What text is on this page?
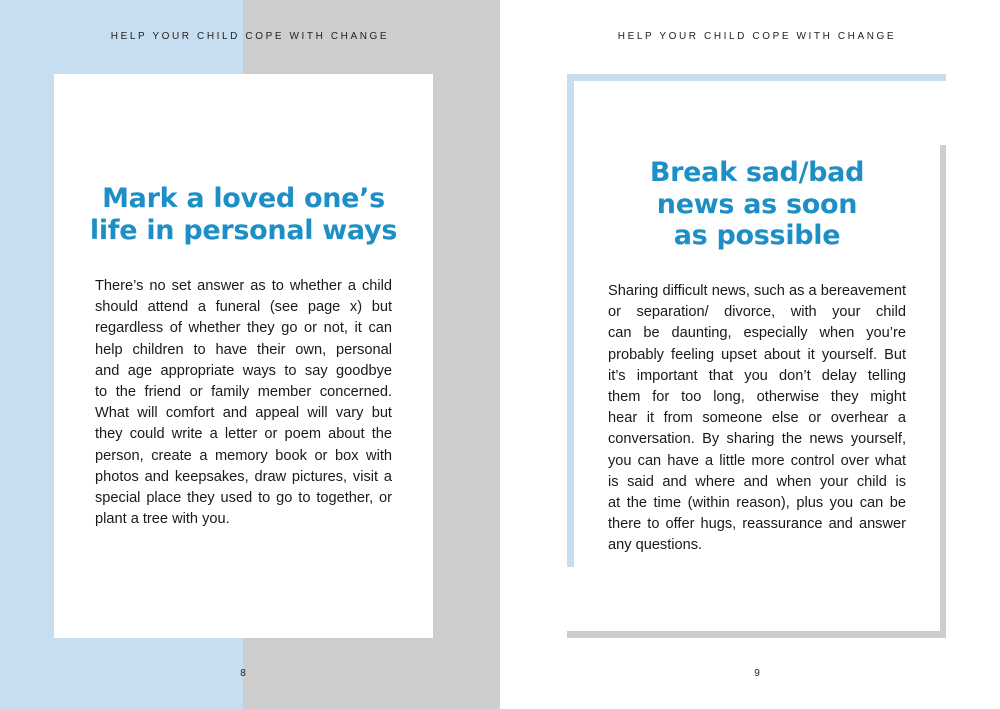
HELP YOUR CHILD COPE WITH CHANGE
Mark a loved one’s
life in personal ways
There’s no set answer as to whether a child
should attend a funeral (see page x) but
regardless of whether they go or not, it can
help children to have their own, personal
and age appropriate ways to say goodbye
to the friend or family member concerned.
What will comfort and appeal will vary but
they could write a letter or poem about the
person, create a memory book or box with
photos and keepsakes, draw pictures, visit a
special place they used to go to together, or
plant a tree with you.
8
HELP YOUR CHILD COPE WITH CHANGE
Break sad/bad
news as soon
as possible
Sharing difficult news, such as a bereavement
or separation/ divorce, with your child
can be daunting, especially when you’re
probably feeling upset about it yourself. But
it’s important that you don’t delay telling
them for too long, otherwise they might
hear it from someone else or overhear a
conversation. By sharing the news yourself,
you can have a little more control over what
is said and where and when your child is
at the time (within reason), plus you can be
there to offer hugs, reassurance and answer
any questions.
9
